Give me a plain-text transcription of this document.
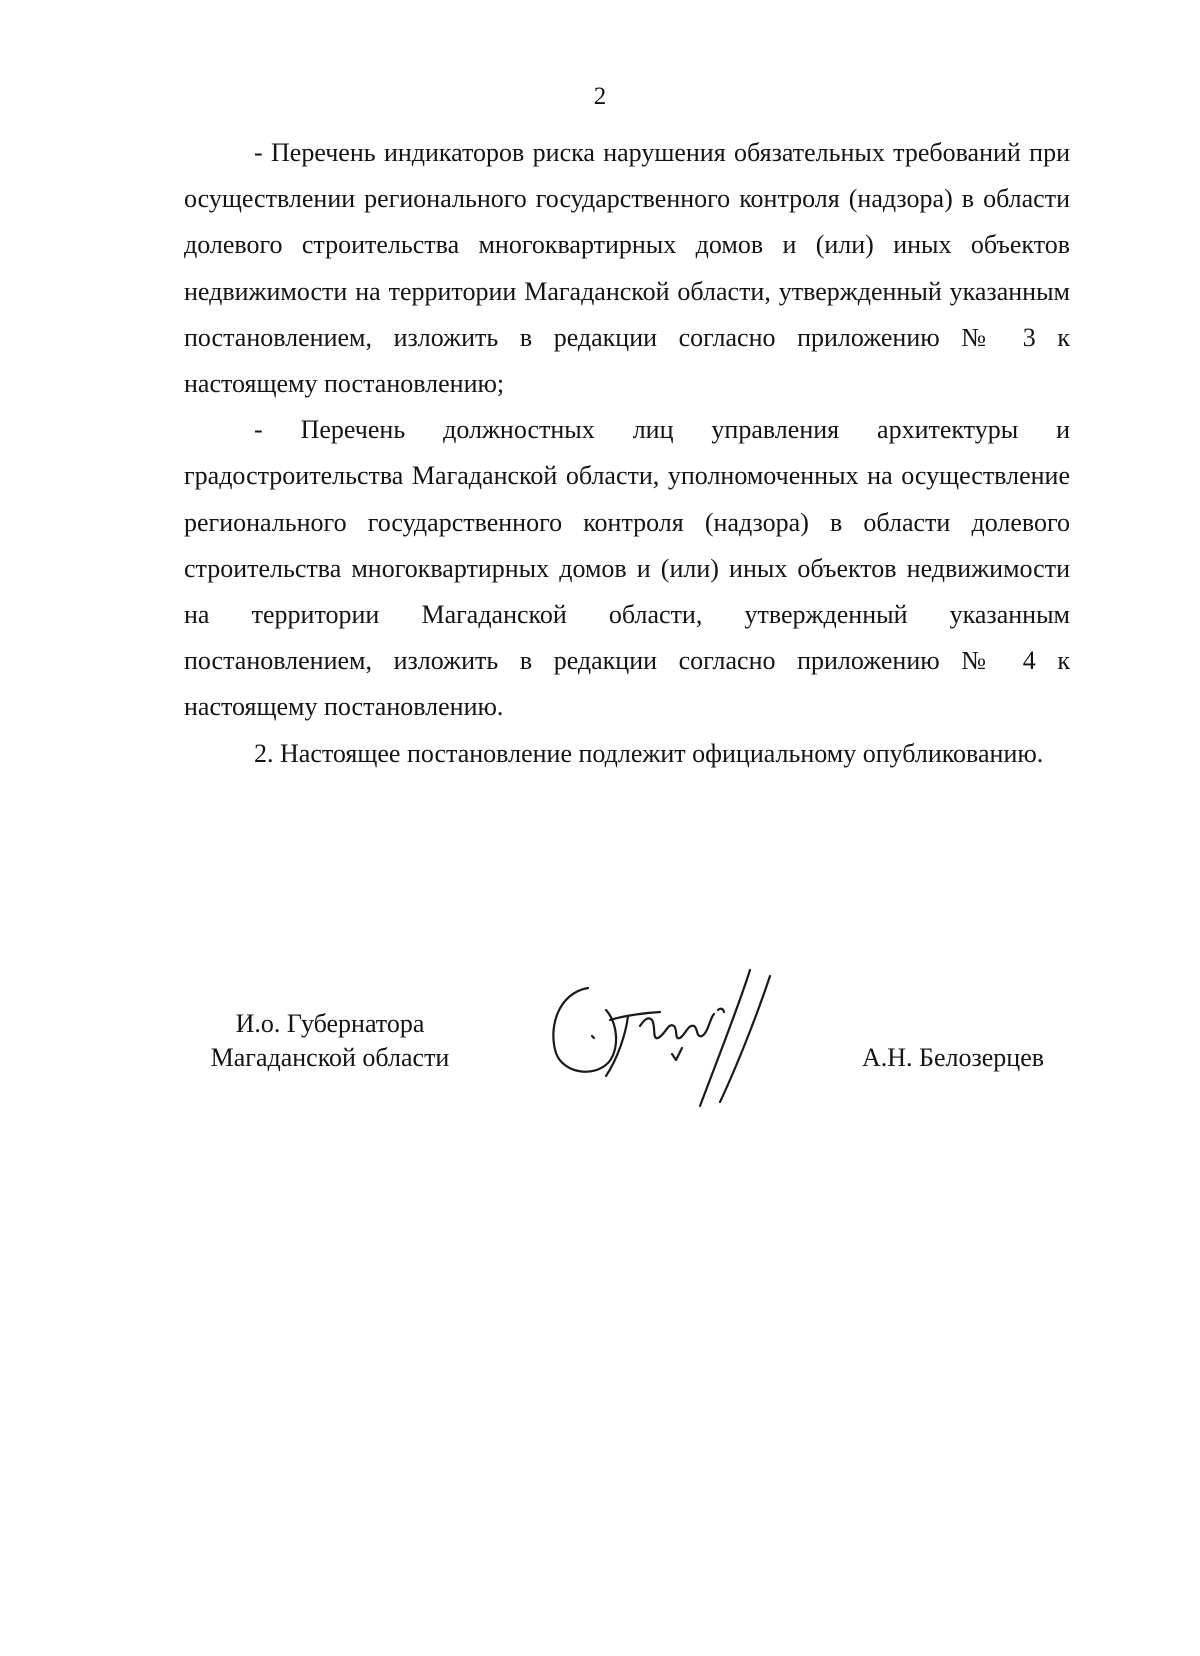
2

- Перечень индикаторов риска нарушения обязательных требований при осуществлении регионального государственного контроля (надзора) в области долевого строительства многоквартирных домов и (или) иных объектов недвижимости на территории Магаданской области, утвержденный указанным постановлением, изложить в редакции согласно приложению № 3 к настоящему постановлению;

- Перечень должностных лиц управления архитектуры и градостроительства Магаданской области, уполномоченных на осуществление регионального государственного контроля (надзора) в области долевого строительства многоквартирных домов и (или) иных объектов недвижимости на территории Магаданской области, утвержденный указанным постановлением, изложить в редакции согласно приложению № 4 к настоящему постановлению.

2. Настоящее постановление подлежит официальному опубликованию.

И.о. Губернатора
Магаданской области	А.Н. Белозерцев
